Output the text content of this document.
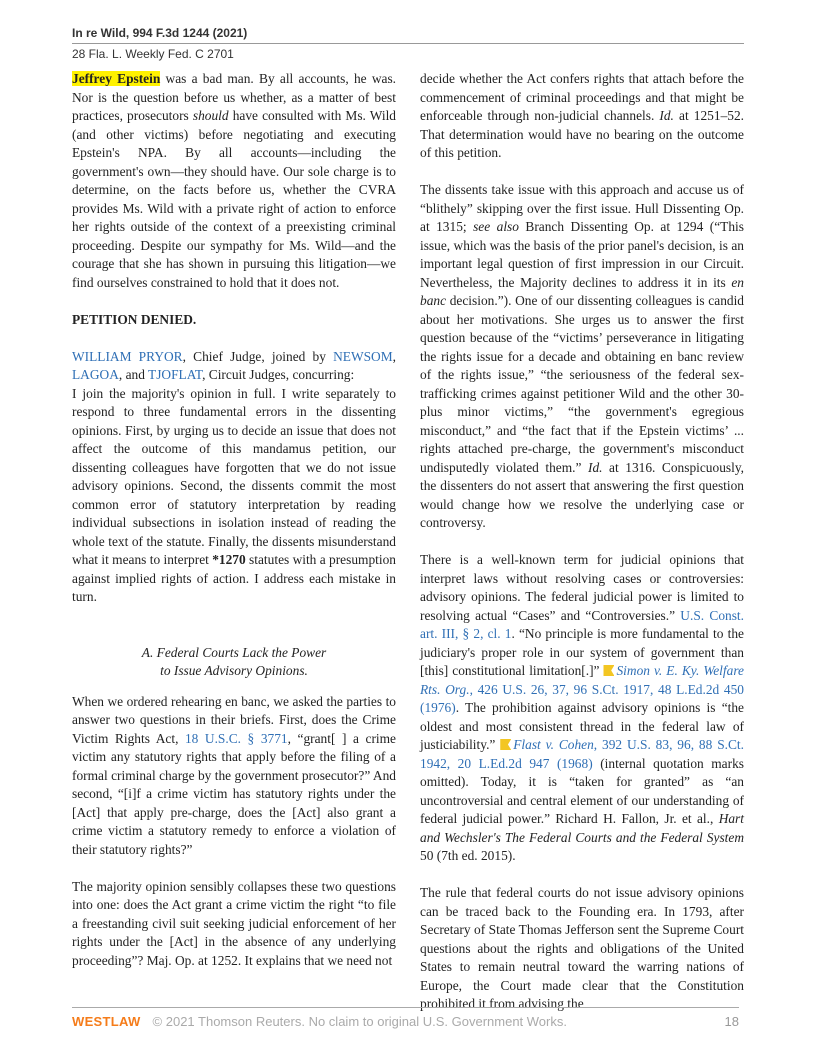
In re Wild, 994 F.3d 1244 (2021)
28 Fla. L. Weekly Fed. C 2701

Jeffrey Epstein was a bad man. By all accounts, he was. Nor is the question before us whether, as a matter of best practices, prosecutors should have consulted with Ms. Wild (and other victims) before negotiating and executing Epstein's NPA. By all accounts—including the government's own—they should have. Our sole charge is to determine, on the facts before us, whether the CVRA provides Ms. Wild with a private right of action to enforce her rights outside of the context of a preexisting criminal proceeding. Despite our sympathy for Ms. Wild—and the courage that she has shown in pursuing this litigation—we find ourselves constrained to hold that it does not.

PETITION DENIED.

WILLIAM PRYOR, Chief Judge, joined by NEWSOM, LAGOA, and TJOFLAT, Circuit Judges, concurring:

I join the majority's opinion in full. I write separately to respond to three fundamental errors in the dissenting opinions. First, by urging us to decide an issue that does not affect the outcome of this mandamus petition, our dissenting colleagues have forgotten that we do not issue advisory opinions. Second, the dissents commit the most common error of statutory interpretation by reading individual subsections in isolation instead of reading the whole text of the statute. Finally, the dissents misunderstand what it means to interpret *1270 statutes with a presumption against implied rights of action. I address each mistake in turn.

A. Federal Courts Lack the Power
to Issue Advisory Opinions.

When we ordered rehearing en banc, we asked the parties to answer two questions in their briefs. First, does the Crime Victim Rights Act, 18 U.S.C. § 3771, “grant[ ] a crime victim any statutory rights that apply before the filing of a formal criminal charge by the government prosecutor?” And second, “[i]f a crime victim has statutory rights under the [Act] that apply pre-charge, does the [Act] also grant a crime victim a statutory remedy to enforce a violation of their statutory rights?”

The majority opinion sensibly collapses these two questions into one: does the Act grant a crime victim the right “to file a freestanding civil suit seeking judicial enforcement of her rights under the [Act] in the absence of any underlying proceeding”? Maj. Op. at 1252. It explains that we need not

decide whether the Act confers rights that attach before the commencement of criminal proceedings and that might be enforceable through non-judicial channels. Id. at 1251–52. That determination would have no bearing on the outcome of this petition.

The dissents take issue with this approach and accuse us of “blithely” skipping over the first issue. Hull Dissenting Op. at 1315; see also Branch Dissenting Op. at 1294 (“This issue, which was the basis of the prior panel's decision, is an important legal question of first impression in our Circuit. Nevertheless, the Majority declines to address it in its en banc decision.”). One of our dissenting colleagues is candid about her motivations. She urges us to answer the first question because of the “victims’ perseverance in litigating the rights issue for a decade and obtaining en banc review of the rights issue,” “the seriousness of the federal sex-trafficking crimes against petitioner Wild and the other 30-plus minor victims,” “the government's egregious misconduct,” and “the fact that if the Epstein victims’ ... rights attached pre-charge, the government's misconduct undisputedly violated them.” Id. at 1316. Conspicuously, the dissenters do not assert that answering the first question would change how we resolve the underlying case or controversy.

There is a well-known term for judicial opinions that interpret laws without resolving cases or controversies: advisory opinions. The federal judicial power is limited to resolving actual “Cases” and “Controversies.” U.S. Const. art. III, § 2, cl. 1. “No principle is more fundamental to the judiciary's proper role in our system of government than [this] constitutional limitation[.]” Simon v. E. Ky. Welfare Rts. Org., 426 U.S. 26, 37, 96 S.Ct. 1917, 48 L.Ed.2d 450 (1976). The prohibition against advisory opinions is “the oldest and most consistent thread in the federal law of justiciability.” Flast v. Cohen, 392 U.S. 83, 96, 88 S.Ct. 1942, 20 L.Ed.2d 947 (1968) (internal quotation marks omitted). Today, it is “taken for granted” as “an uncontroversial and central element of our understanding of federal judicial power.” Richard H. Fallon, Jr. et al., Hart and Wechsler's The Federal Courts and the Federal System 50 (7th ed. 2015).

The rule that federal courts do not issue advisory opinions can be traced back to the Founding era. In 1793, after Secretary of State Thomas Jefferson sent the Supreme Court questions about the rights and obligations of the United States to remain neutral toward the warring nations of Europe, the Court made clear that the Constitution prohibited it from advising the

WESTLAW © 2021 Thomson Reuters. No claim to original U.S. Government Works.	18
